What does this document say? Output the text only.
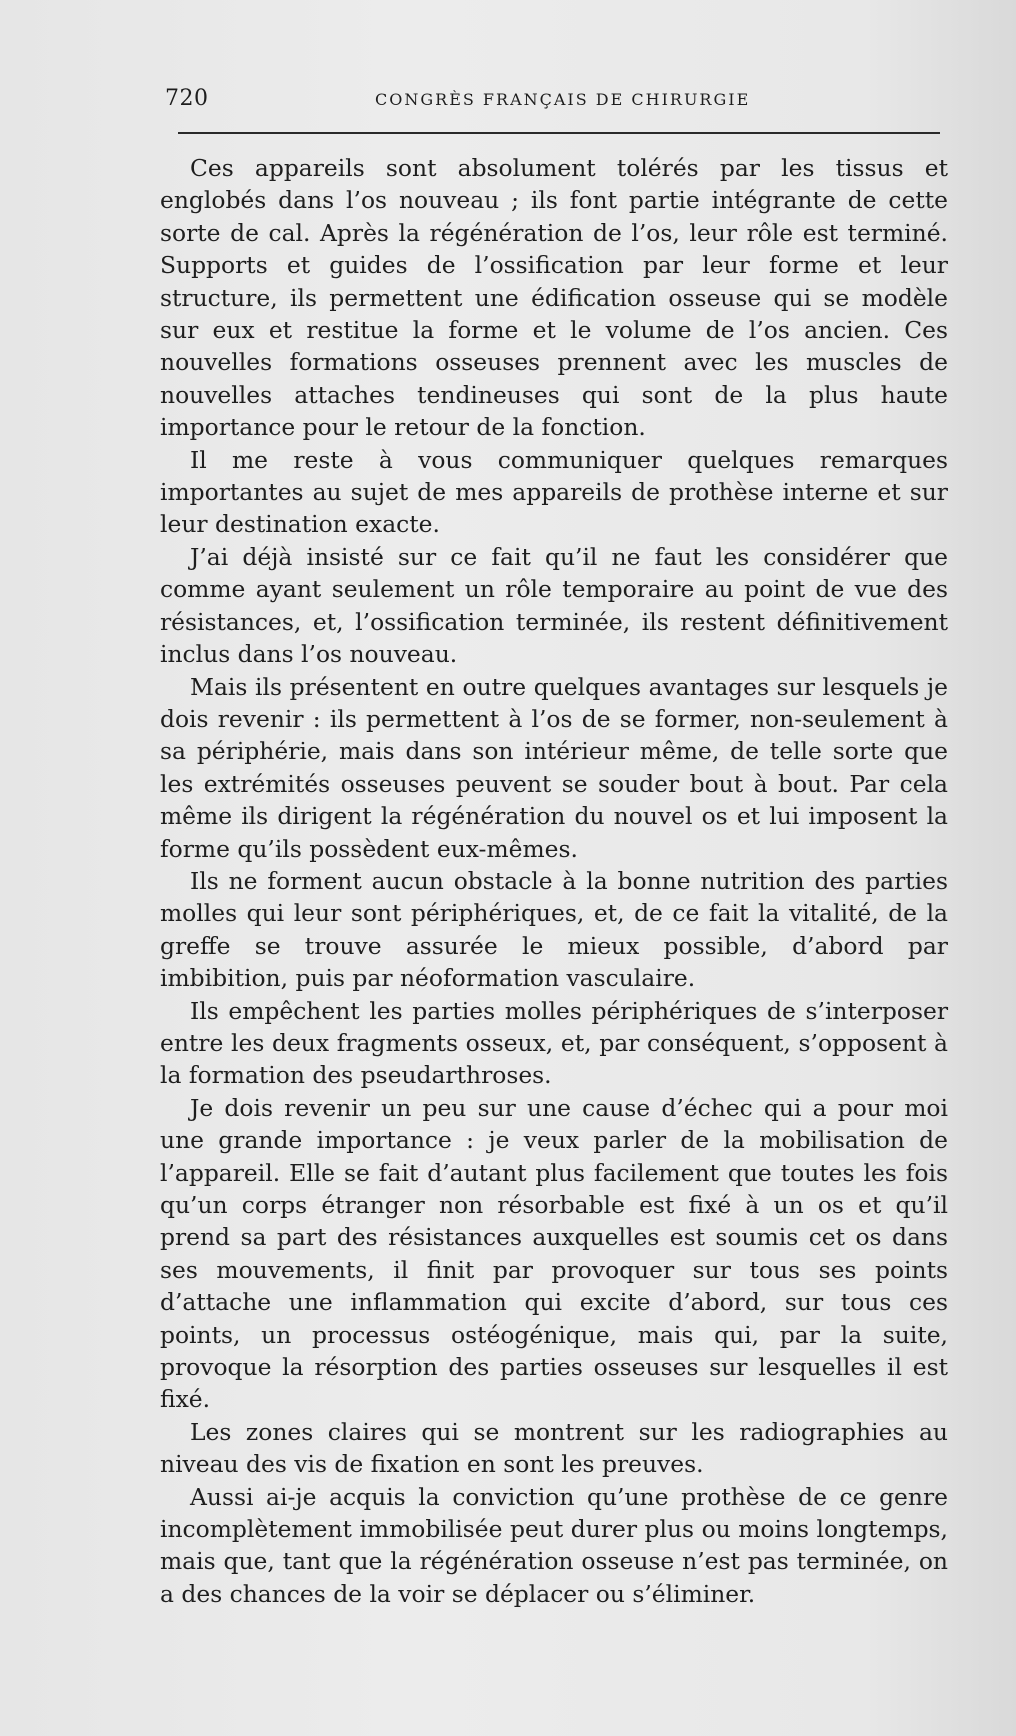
720	CONGRÈS FRANÇAIS DE CHIRURGIE

Ces appareils sont absolument tolérés par les tissus et englobés dans l’os nouveau ; ils font partie intégrante de cette sorte de cal. Après la régénération de l’os, leur rôle est terminé. Supports et guides de l’ossification par leur forme et leur structure, ils permettent une édification osseuse qui se modèle sur eux et restitue la forme et le volume de l’os ancien. Ces nouvelles formations osseuses prennent avec les muscles de nouvelles attaches tendineuses qui sont de la plus haute importance pour le retour de la fonction.

Il me reste à vous communiquer quelques remarques importantes au sujet de mes appareils de prothèse interne et sur leur destination exacte.

J’ai déjà insisté sur ce fait qu’il ne faut les considérer que comme ayant seulement un rôle temporaire au point de vue des résistances, et, l’ossification terminée, ils restent définitivement inclus dans l’os nouveau.

Mais ils présentent en outre quelques avantages sur lesquels je dois revenir : ils permettent à l’os de se former, non-seulement à sa périphérie, mais dans son intérieur même, de telle sorte que les extrémités osseuses peuvent se souder bout à bout. Par cela même ils dirigent la régénération du nouvel os et lui imposent la forme qu’ils possèdent eux-mêmes.

Ils ne forment aucun obstacle à la bonne nutrition des parties molles qui leur sont périphériques, et, de ce fait la vitalité, de la greffe se trouve assurée le mieux possible, d’abord par imbibition, puis par néoformation vasculaire.

Ils empêchent les parties molles périphériques de s’interposer entre les deux fragments osseux, et, par conséquent, s’opposent à la formation des pseudarthroses.

Je dois revenir un peu sur une cause d’échec qui a pour moi une grande importance : je veux parler de la mobilisation de l’appareil. Elle se fait d’autant plus facilement que toutes les fois qu’un corps étranger non résorbable est fixé à un os et qu’il prend sa part des résistances auxquelles est soumis cet os dans ses mouvements, il finit par provoquer sur tous ses points d’attache une inflammation qui excite d’abord, sur tous ces points, un processus ostéogénique, mais qui, par la suite, provoque la résorption des parties osseuses sur lesquelles il est fixé.

Les zones claires qui se montrent sur les radiographies au niveau des vis de fixation en sont les preuves.

Aussi ai-je acquis la conviction qu’une prothèse de ce genre incomplètement immobilisée peut durer plus ou moins longtemps, mais que, tant que la régénération osseuse n’est pas terminée, on a des chances de la voir se déplacer ou s’éliminer.
